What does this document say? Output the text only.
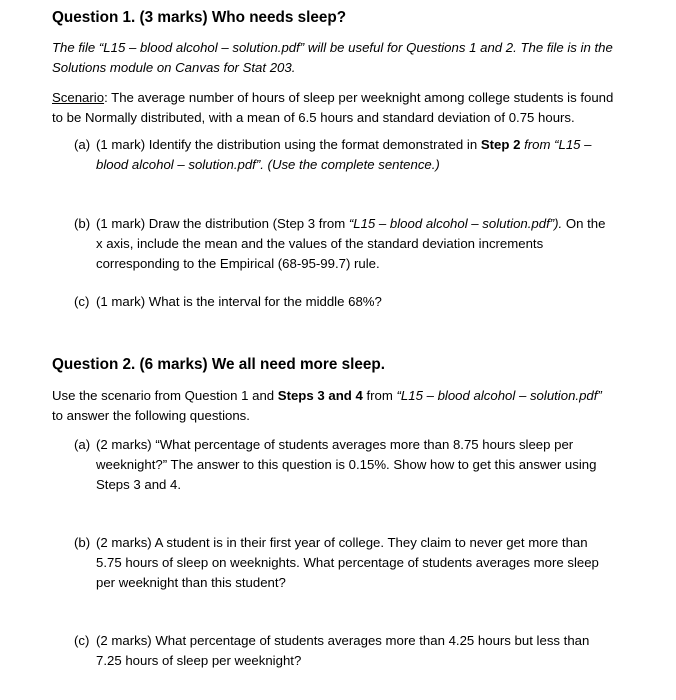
Question 1. (3 marks) Who needs sleep?
The file “L15 – blood alcohol – solution.pdf” will be useful for Questions 1 and 2. The file is in the
Solutions module on Canvas for Stat 203.
Scenario: The average number of hours of sleep per weeknight among college students is found
to be Normally distributed, with a mean of 6.5 hours and standard deviation of 0.75 hours.
(a) (1 mark) Identify the distribution using the format demonstrated in Step 2 from “L15 –
blood alcohol – solution.pdf”. (Use the complete sentence.)
(b) (1 mark) Draw the distribution (Step 3 from “L15 – blood alcohol – solution.pdf”). On the
x axis, include the mean and the values of the standard deviation increments
corresponding to the Empirical (68-95-99.7) rule.
(c) (1 mark) What is the interval for the middle 68%?
Question 2. (6 marks) We all need more sleep.
Use the scenario from Question 1 and Steps 3 and 4 from “L15 – blood alcohol – solution.pdf”
to answer the following questions.
(a) (2 marks) “What percentage of students averages more than 8.75 hours sleep per
weeknight?” The answer to this question is 0.15%. Show how to get this answer using
Steps 3 and 4.
(b) (2 marks) A student is in their first year of college. They claim to never get more than
5.75 hours of sleep on weeknights. What percentage of students averages more sleep
per weeknight than this student?
(c) (2 marks) What percentage of students averages more than 4.25 hours but less than
7.25 hours of sleep per weeknight?
